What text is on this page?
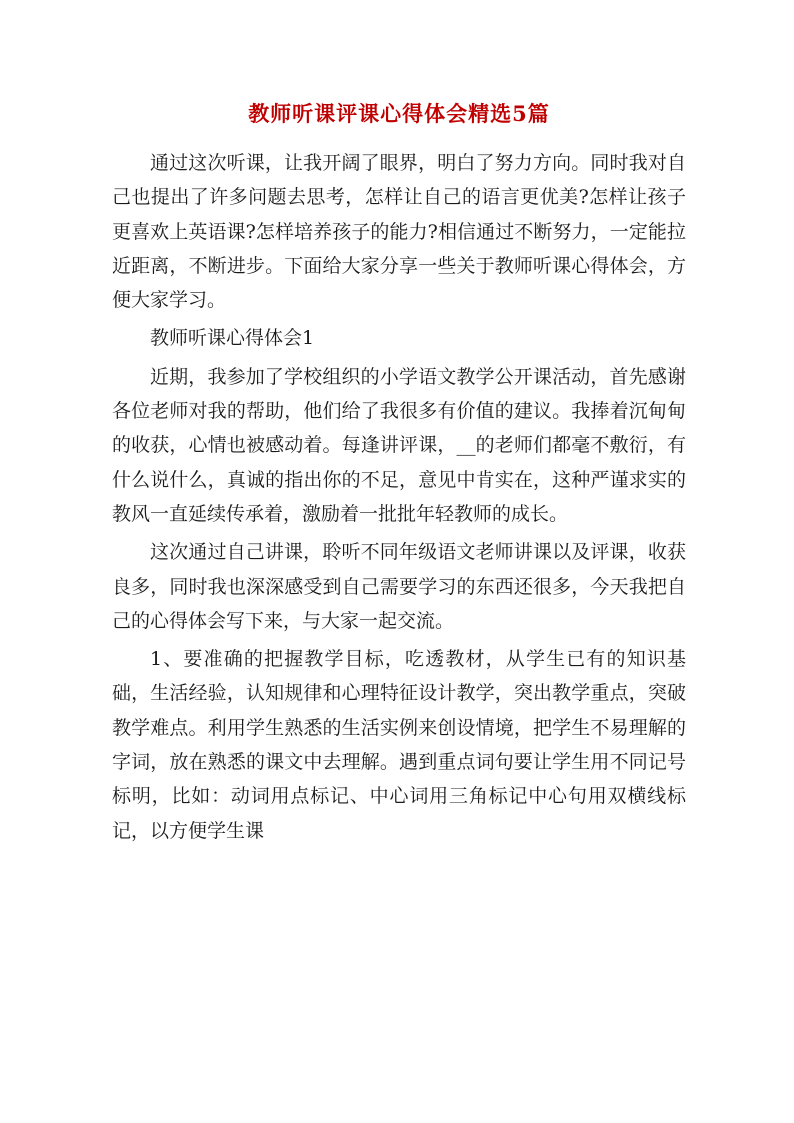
教师听课评课心得体会精选5篇

通过这次听课，让我开阔了眼界，明白了努力方向。同时我对自己也提出了许多问题去思考，怎样让自己的语言更优美?怎样让孩子更喜欢上英语课?怎样培养孩子的能力?相信通过不断努力，一定能拉近距离，不断进步。下面给大家分享一些关于教师听课心得体会，方便大家学习。

教师听课心得体会1

近期，我参加了学校组织的小学语文教学公开课活动，首先感谢各位老师对我的帮助，他们给了我很多有价值的建议。我捧着沉甸甸的收获，心情也被感动着。每逢讲评课，__的老师们都毫不敷衍，有什么说什么，真诚的指出你的不足，意见中肯实在，这种严谨求实的教风一直延续传承着，激励着一批批年轻教师的成长。

这次通过自己讲课，聆听不同年级语文老师讲课以及评课，收获良多，同时我也深深感受到自己需要学习的东西还很多，今天我把自己的心得体会写下来，与大家一起交流。

1、要准确的把握教学目标，吃透教材，从学生已有的知识基础，生活经验，认知规律和心理特征设计教学，突出教学重点，突破教学难点。利用学生熟悉的生活实例来创设情境，把学生不易理解的字词，放在熟悉的课文中去理解。遇到重点词句要让学生用不同记号标明，比如：动词用点标记、中心词用三角标记中心句用双横线标记，以方便学生课
